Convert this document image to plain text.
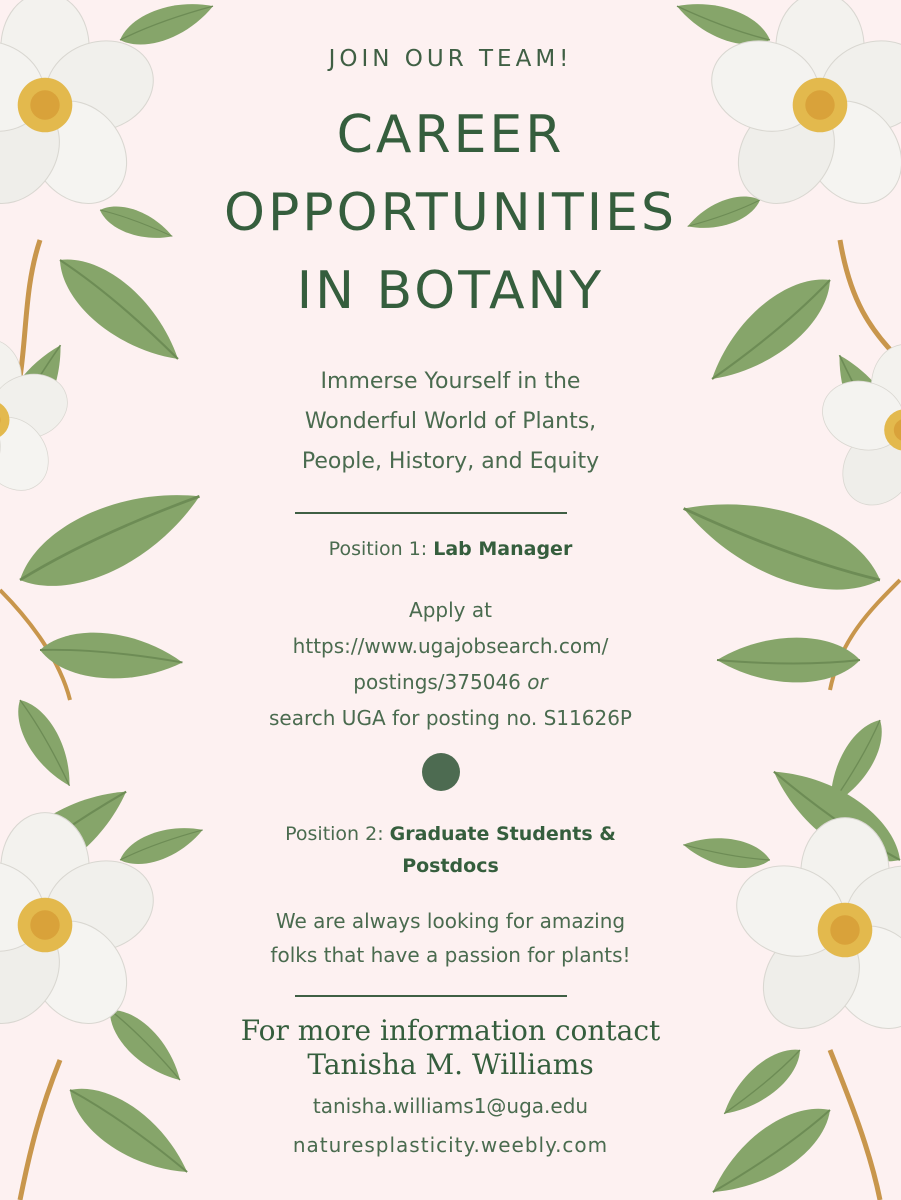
JOIN OUR TEAM!
CAREER
OPPORTUNITIES
IN BOTANY
Immerse Yourself in the
Wonderful World of Plants,
People, History, and Equity
Position 1: Lab Manager
Apply at
https://www.ugajobsearch.com/
postings/375046 or
search UGA for posting no. S11626P
Position 2: Graduate Students &
Postdocs
We are always looking for amazing
folks that have a passion for plants!
For more information contact
Tanisha M. Williams
tanisha.williams1@uga.edu
naturesplasticity.weebly.com
